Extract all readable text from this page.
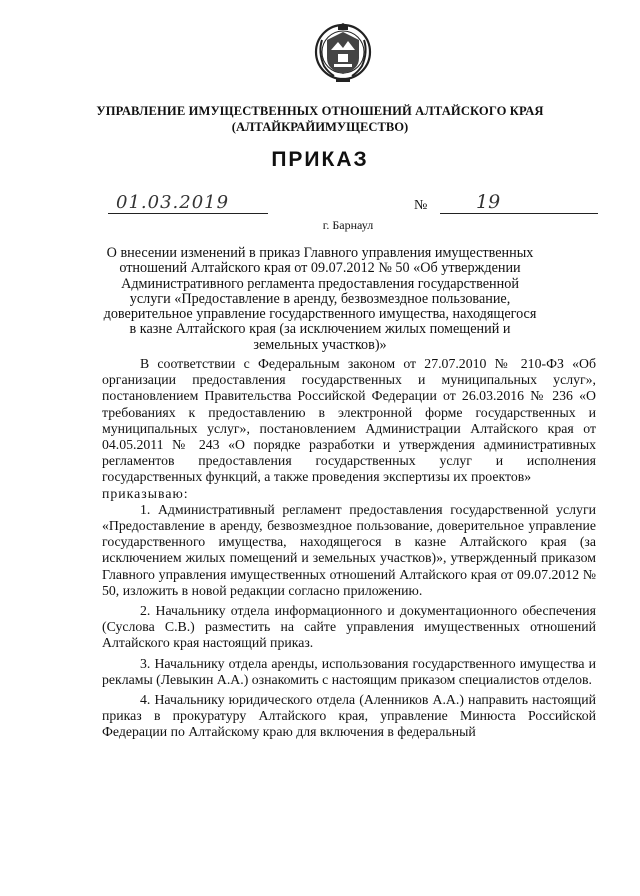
УПРАВЛЕНИЕ ИМУЩЕСТВЕННЫХ ОТНОШЕНИЙ АЛТАЙСКОГО КРАЯ
(АЛТАЙКРАЙИМУЩЕСТВО)
ПРИКАЗ
01.03.2019	№	19
г. Барнаул
О внесении изменений в приказ Главного управления имущественных отношений Алтайского края от 09.07.2012 № 50 «Об утверждении Административного регламента предоставления государственной услуги «Предоставление в аренду, безвозмездное пользование, доверительное управление государственного имущества, находящегося в казне Алтайского края (за исключением жилых помещений и земельных участков)»

В соответствии с Федеральным законом от 27.07.2010 № 210-ФЗ «Об организации предоставления государственных и муниципальных услуг», постановлением Правительства Российской Федерации от 26.03.2016 № 236 «О требованиях к предоставлению в электронной форме государственных и муниципальных услуг», постановлением Администрации Алтайского края от 04.05.2011 № 243 «О порядке разработки и утверждения административных регламентов предоставления государственных услуг и исполнения государственных функций, а также проведения экспертизы их проектов»

приказываю:

1. Административный регламент предоставления государственной услуги «Предоставление в аренду, безвозмездное пользование, доверительное управление государственного имущества, находящегося в казне Алтайского края (за исключением жилых помещений и земельных участков)», утвержденный приказом Главного управления имущественных отношений Алтайского края от 09.07.2012 № 50, изложить в новой редакции согласно приложению.

2. Начальнику отдела информационного и документационного обеспечения (Суслова С.В.) разместить на сайте управления имущественных отношений Алтайского края настоящий приказ.

3. Начальнику отдела аренды, использования государственного имущества и рекламы (Левыкин А.А.) ознакомить с настоящим приказом специалистов отделов.

4. Начальнику юридического отдела (Аленников А.А.) направить настоящий приказ в прокуратуру Алтайского края, управление Минюста Российской Федерации по Алтайскому краю для включения в федеральный
